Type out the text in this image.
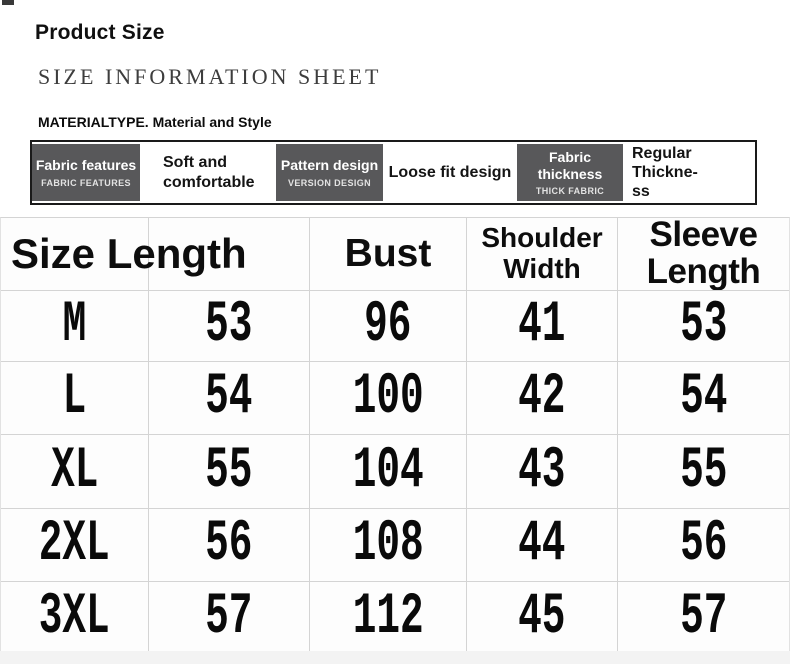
Product Size
SIZE INFORMATION SHEET
MATERIALTYPE. Material and Style
Fabric features
FABRIC FEATURES
Soft and
comfortable
Pattern design
VERSION DESIGN
Loose fit design
Fabric thickness
THICK FABRIC
Regular Thickne-
ss
Bust	Shoulder
Width
Sleeve
Length
M 53 96 41 53
L 54 100 42 54
XL 55 104 43 55
2XL 56 108 44 56
3XL 57 112 45 57
Size Length
